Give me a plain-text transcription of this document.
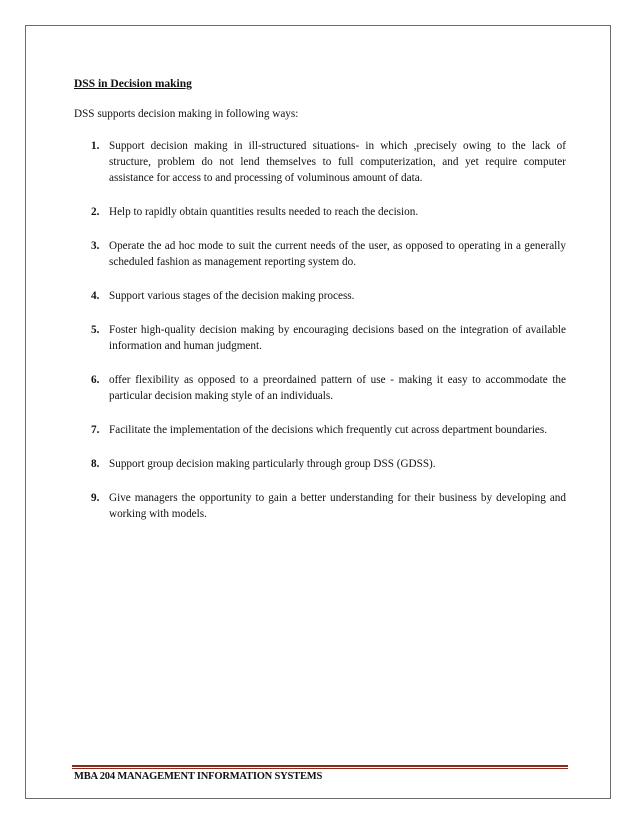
DSS in Decision making

DSS supports decision making in following ways:

1. Support decision making in ill-structured situations- in which ,precisely owing to the lack of structure, problem do not lend themselves to full computerization, and yet require computer assistance for access to and processing of voluminous amount of data.
2. Help to rapidly obtain quantities results needed to reach the decision.
3. Operate the ad hoc mode to suit the current needs of the user, as opposed to operating in a generally scheduled fashion as management reporting system do.
4. Support various stages of the decision making process.
5. Foster high-quality decision making by encouraging decisions based on the integration of available information and human judgment.
6. offer flexibility as opposed to a preordained pattern of use - making it easy to accommodate the particular decision making style of an individuals.
7. Facilitate the implementation of the decisions which frequently cut across department boundaries.
8. Support group decision making particularly through group DSS (GDSS).
9. Give managers the opportunity to gain a better understanding for their business by developing and working with models.
MBA 204 MANAGEMENT INFORMATION SYSTEMS
